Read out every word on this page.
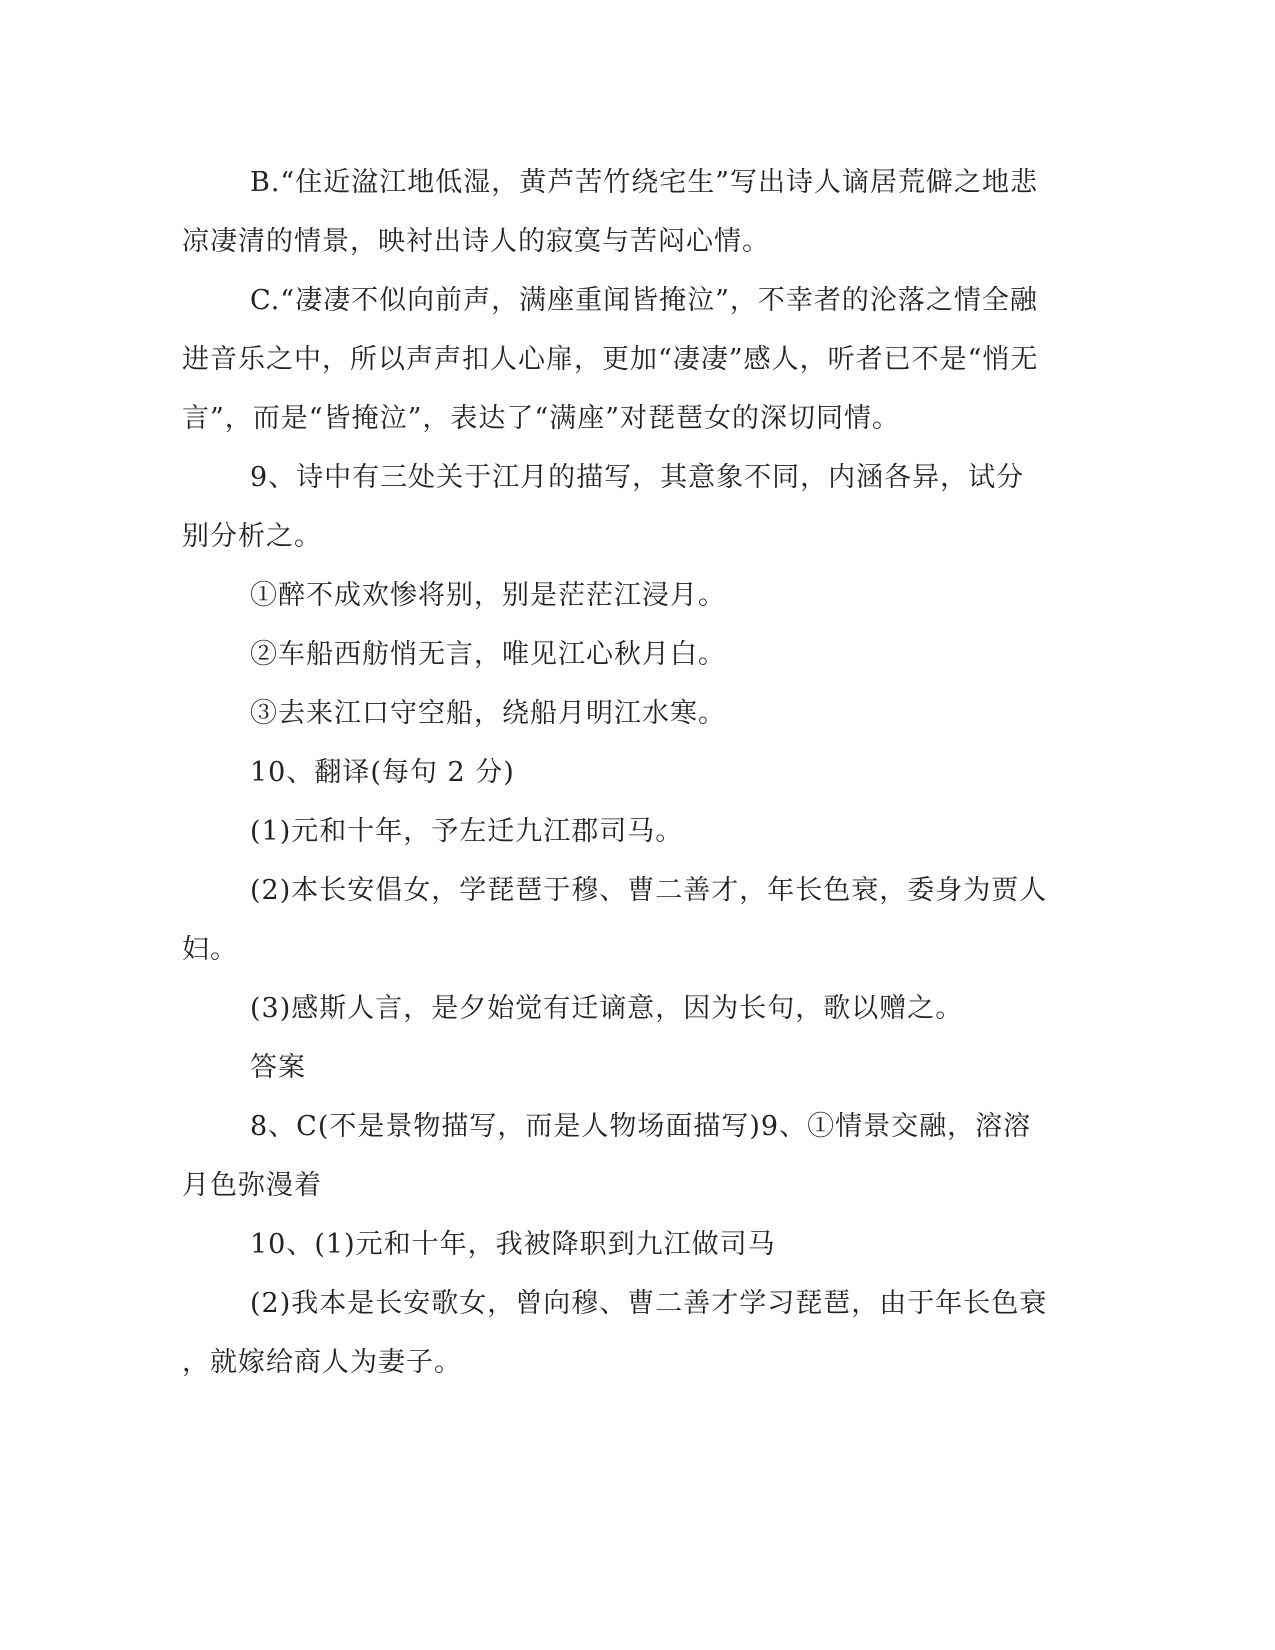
B.“住近湓江地低湿，黄芦苦竹绕宅生”写出诗人谪居荒僻之地悲
凉凄清的情景，映衬出诗人的寂寞与苦闷心情。
C.“凄凄不似向前声，满座重闻皆掩泣”，不幸者的沦落之情全融
进音乐之中，所以声声扣人心扉，更加“凄凄”感人，听者已不是“悄无
言”，而是“皆掩泣”，表达了“满座”对琵琶女的深切同情。
9、诗中有三处关于江月的描写，其意象不同，内涵各异，试分
别分析之。
①醉不成欢惨将别，别是茫茫江浸月。
②车船西舫悄无言，唯见江心秋月白。
③去来江口守空船，绕船月明江水寒。
10、翻译(每句 2 分)
(1)元和十年，予左迁九江郡司马。
(2)本长安倡女，学琵琶于穆、曹二善才，年长色衰，委身为贾人
妇。
(3)感斯人言，是夕始觉有迁谪意，因为长句，歌以赠之。
答案
8、C(不是景物描写，而是人物场面描写)9、①情景交融，溶溶
月色弥漫着
10、(1)元和十年，我被降职到九江做司马
(2)我本是长安歌女，曾向穆、曹二善才学习琵琶，由于年长色衰
，就嫁给商人为妻子。
